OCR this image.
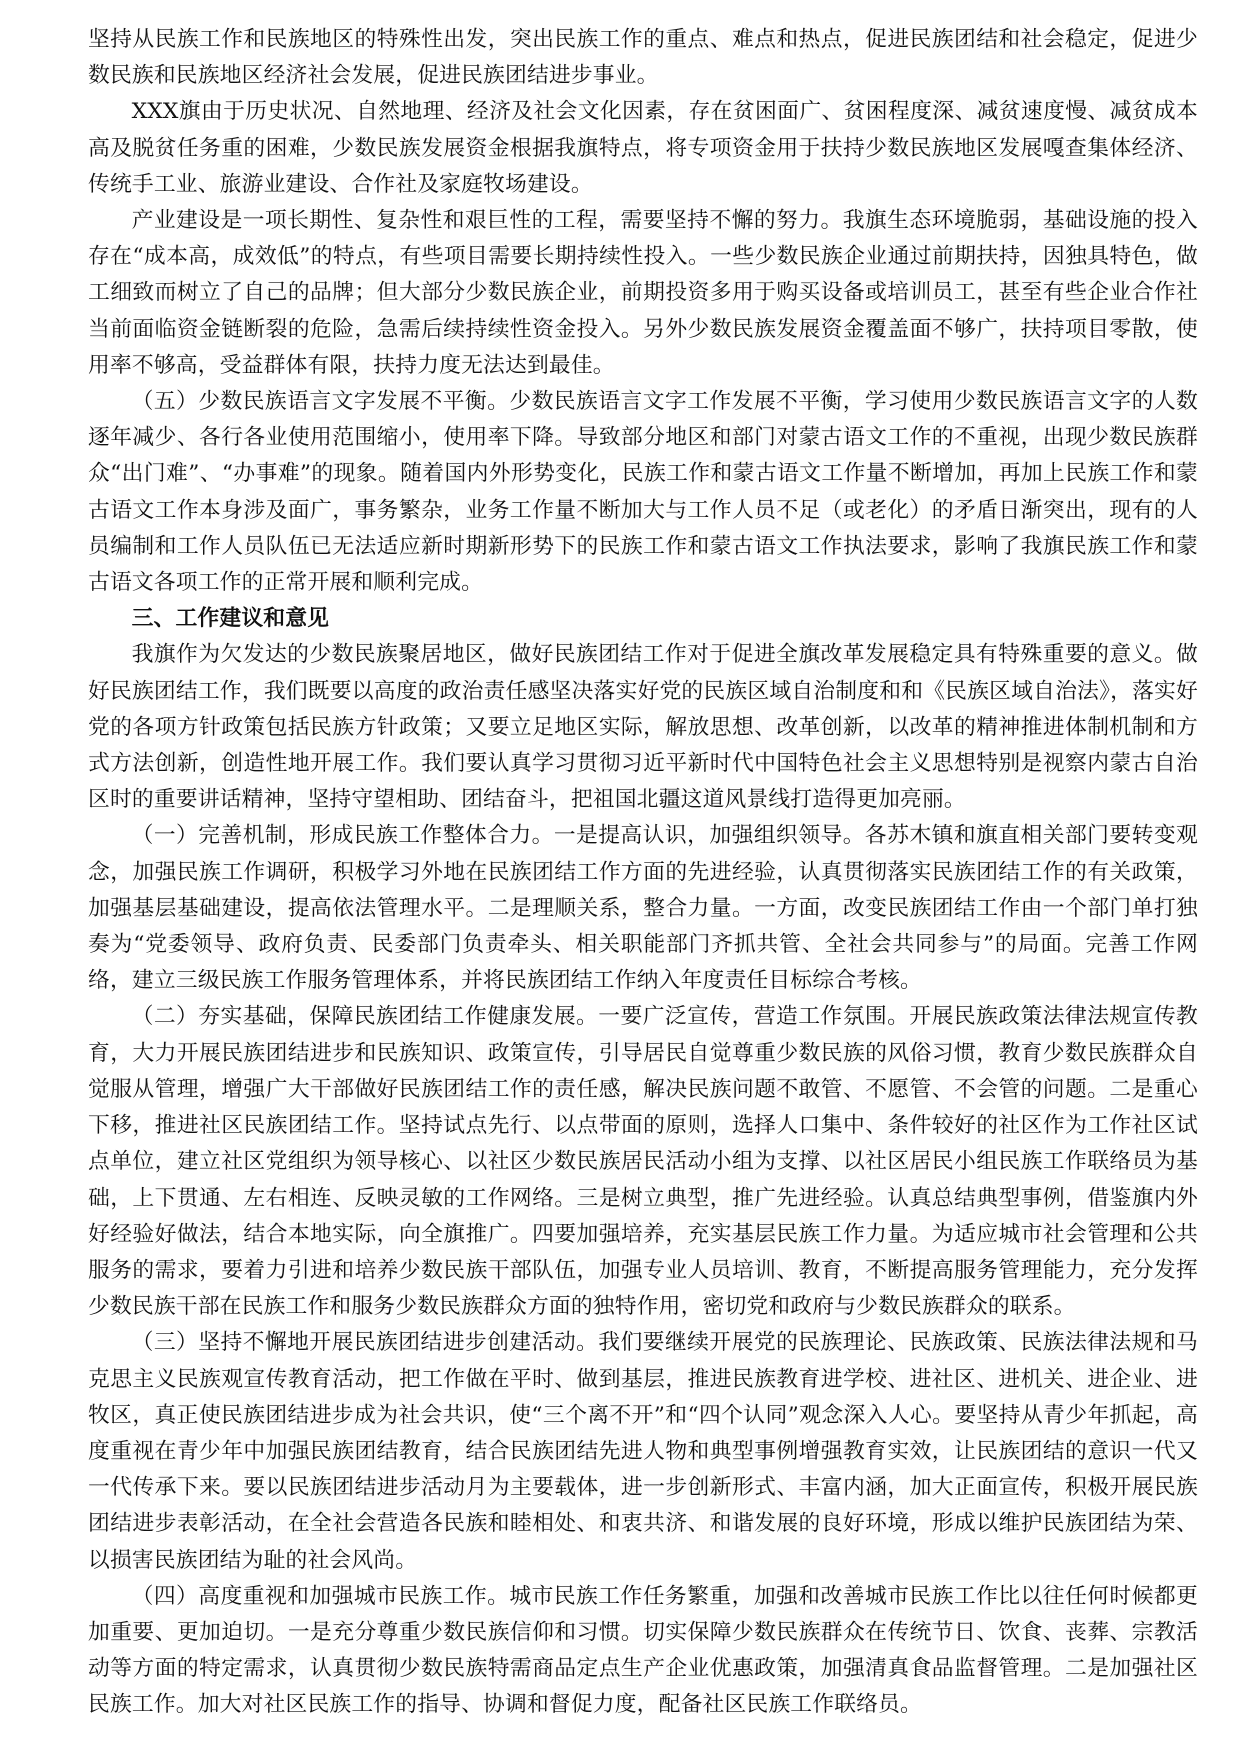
坚持从民族工作和民族地区的特殊性出发，突出民族工作的重点、难点和热点，促进民族团结和社会稳定，促进少数民族和民族地区经济社会发展，促进民族团结进步事业。

XXX旗由于历史状况、自然地理、经济及社会文化因素，存在贫困面广、贫困程度深、减贫速度慢、减贫成本高及脱贫任务重的困难，少数民族发展资金根据我旗特点，将专项资金用于扶持少数民族地区发展嘎查集体经济、传统手工业、旅游业建设、合作社及家庭牧场建设。

产业建设是一项长期性、复杂性和艰巨性的工程，需要坚持不懈的努力。我旗生态环境脆弱，基础设施的投入存在“成本高，成效低”的特点，有些项目需要长期持续性投入。一些少数民族企业通过前期扶持，因独具特色，做工细致而树立了自己的品牌；但大部分少数民族企业，前期投资多用于购买设备或培训员工，甚至有些企业合作社当前面临资金链断裂的危险，急需后续持续性资金投入。另外少数民族发展资金覆盖面不够广，扶持项目零散，使用率不够高，受益群体有限，扶持力度无法达到最佳。

（五）少数民族语言文字发展不平衡。少数民族语言文字工作发展不平衡，学习使用少数民族语言文字的人数逐年减少、各行各业使用范围缩小，使用率下降。导致部分地区和部门对蒙古语文工作的不重视，出现少数民族群众“出门难”、“办事难”的现象。随着国内外形势变化，民族工作和蒙古语文工作量不断增加，再加上民族工作和蒙古语文工作本身涉及面广，事务繁杂，业务工作量不断加大与工作人员不足（或老化）的矛盾日渐突出，现有的人员编制和工作人员队伍已无法适应新时期新形势下的民族工作和蒙古语文工作执法要求，影响了我旗民族工作和蒙古语文各项工作的正常开展和顺利完成。

三、工作建议和意见

我旗作为欠发达的少数民族聚居地区，做好民族团结工作对于促进全旗改革发展稳定具有特殊重要的意义。做好民族团结工作，我们既要以高度的政治责任感坚决落实好党的民族区域自治制度和和《民族区域自治法》，落实好党的各项方针政策包括民族方针政策；又要立足地区实际，解放思想、改革创新，以改革的精神推进体制机制和方式方法创新，创造性地开展工作。我们要认真学习贯彻习近平新时代中国特色社会主义思想特别是视察内蒙古自治区时的重要讲话精神，坚持守望相助、团结奋斗，把祖国北疆这道风景线打造得更加亮丽。

（一）完善机制，形成民族工作整体合力。一是提高认识，加强组织领导。各苏木镇和旗直相关部门要转变观念，加强民族工作调研，积极学习外地在民族团结工作方面的先进经验，认真贯彻落实民族团结工作的有关政策，加强基层基础建设，提高依法管理水平。二是理顺关系，整合力量。一方面，改变民族团结工作由一个部门单打独奏为“党委领导、政府负责、民委部门负责牵头、相关职能部门齐抓共管、全社会共同参与”的局面。完善工作网络，建立三级民族工作服务管理体系，并将民族团结工作纳入年度责任目标综合考核。

（二）夯实基础，保障民族团结工作健康发展。一要广泛宣传，营造工作氛围。开展民族政策法律法规宣传教育，大力开展民族团结进步和民族知识、政策宣传，引导居民自觉尊重少数民族的风俗习惯，教育少数民族群众自觉服从管理，增强广大干部做好民族团结工作的责任感，解决民族问题不敢管、不愿管、不会管的问题。二是重心下移，推进社区民族团结工作。坚持试点先行、以点带面的原则，选择人口集中、条件较好的社区作为工作社区试点单位，建立社区党组织为领导核心、以社区少数民族居民活动小组为支撑、以社区居民小组民族工作联络员为基础，上下贯通、左右相连、反映灵敏的工作网络。三是树立典型，推广先进经验。认真总结典型事例，借鉴旗内外好经验好做法，结合本地实际，向全旗推广。四要加强培养，充实基层民族工作力量。为适应城市社会管理和公共服务的需求，要着力引进和培养少数民族干部队伍，加强专业人员培训、教育，不断提高服务管理能力，充分发挥少数民族干部在民族工作和服务少数民族群众方面的独特作用，密切党和政府与少数民族群众的联系。

（三）坚持不懈地开展民族团结进步创建活动。我们要继续开展党的民族理论、民族政策、民族法律法规和马克思主义民族观宣传教育活动，把工作做在平时、做到基层，推进民族教育进学校、进社区、进机关、进企业、进牧区，真正使民族团结进步成为社会共识，使“三个离不开”和“四个认同”观念深入人心。要坚持从青少年抓起，高度重视在青少年中加强民族团结教育，结合民族团结先进人物和典型事例增强教育实效，让民族团结的意识一代又一代传承下来。要以民族团结进步活动月为主要载体，进一步创新形式、丰富内涵，加大正面宣传，积极开展民族团结进步表彰活动，在全社会营造各民族和睦相处、和衷共济、和谐发展的良好环境，形成以维护民族团结为荣、以损害民族团结为耻的社会风尚。

（四）高度重视和加强城市民族工作。城市民族工作任务繁重，加强和改善城市民族工作比以往任何时候都更加重要、更加迫切。一是充分尊重少数民族信仰和习惯。切实保障少数民族群众在传统节日、饮食、丧葬、宗教活动等方面的特定需求，认真贯彻少数民族特需商品定点生产企业优惠政策，加强清真食品监督管理。二是加强社区民族工作。加大对社区民族工作的指导、协调和督促力度，配备社区民族工作联络员。
